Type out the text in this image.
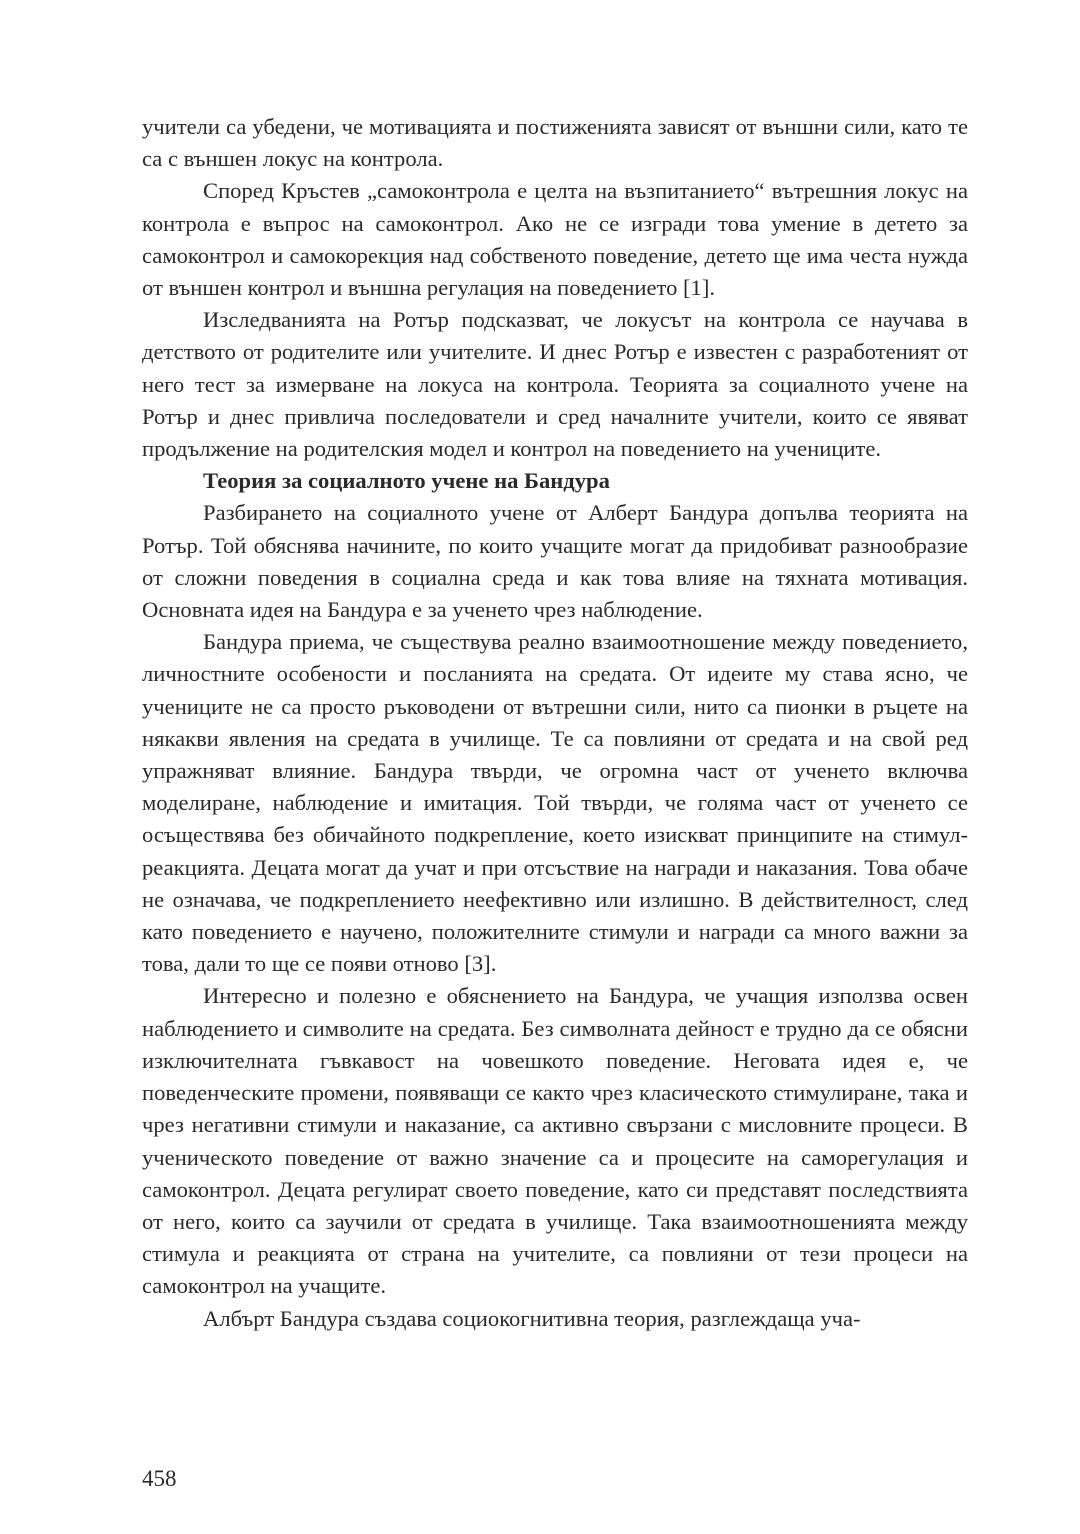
учители са убедени, че мотивацията и постиженията зависят от външни сили, като те са с външен локус на контрола.

Според Кръстев „самоконтрола е целта на възпитанието“ вътрешния локус на контрола е въпрос на самоконтрол. Ако не се изгради това умение в детето за самоконтрол и самокорекция над собственото поведение, детето ще има честа нужда от външен контрол и външна регулация на поведението [1].

Изследванията на Ротър подсказват, че локусът на контрола се научава в детството от родителите или учителите. И днес Ротър е известен с разработеният от него тест за измерване на локуса на контрола. Теорията за социалното учене на Ротър и днес привлича последователи и сред началните учители, които се явяват продължение на родителския модел и контрол на поведението на учениците.

Теория за социалното учене на Бандура

Разбирането на социалното учене от Алберт Бандура допълва теорията на Ротър. Той обяснява начините, по които учащите могат да придобиват разнообразие от сложни поведения в социална среда и как това влияе на тяхната мотивация. Основната идея на Бандура е за ученето чрез наблюдение.

Бандура приема, че съществува реално взаимоотношение между поведението, личностните особености и посланията на средата. От идеите му става ясно, че учениците не са просто ръководени от вътрешни сили, нито са пионки в ръцете на някакви явления на средата в училище. Те са повлияни от средата и на свой ред упражняват влияние. Бандура твърди, че огромна част от ученето включва моделиране, наблюдение и имитация. Той твърди, че голяма част от ученето се осъществява без обичайното подкрепление, което изискват принципите на стимул-реакцията. Децата могат да учат и при отсъствие на награди и наказания. Това обаче не означава, че подкреплението неефективно или излишно. В действителност, след като поведението е научено, положителните стимули и награди са много важни за това, дали то ще се появи отново [3].

Интересно и полезно е обяснението на Бандура, че учащия използва освен наблюдението и символите на средата. Без символната дейност е трудно да се обясни изключителната гъвкавост на човешкото поведение. Неговата идея е, че поведенческите промени, появяващи се както чрез класическото стимулиране, така и чрез негативни стимули и наказание, са активно свързани с мисловните процеси. В ученическото поведение от важно значение са и процесите на саморегулация и самоконтрол. Децата регулират своето поведение, като си представят последствията от него, които са заучили от средата в училище. Така взаимоотношенията между стимула и реакцията от страна на учителите, са повлияни от тези процеси на самоконтрол на учащите.

Албърт Бандура създава социокогнитивна теория, разглеждаща уча-

458
